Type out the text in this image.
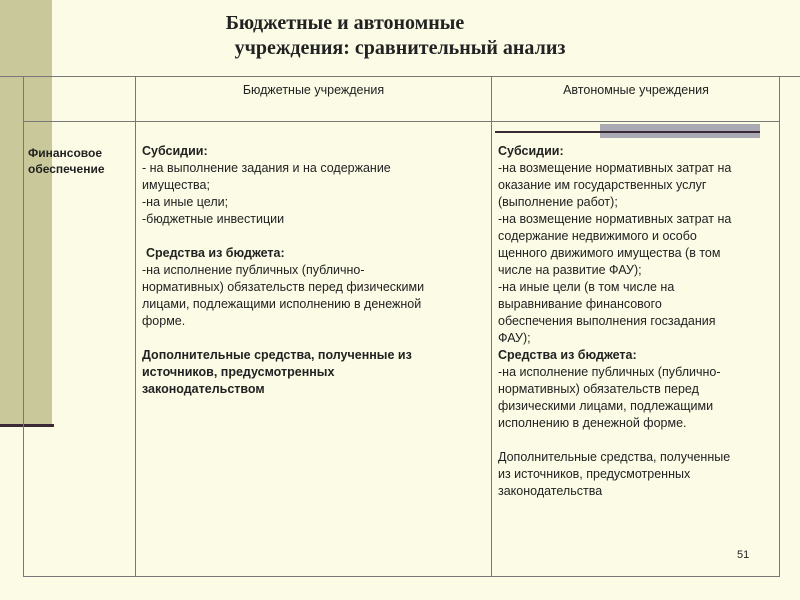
Бюджетные и автономные
учреждения: сравнительный анализ
Бюджетные учреждения	Автономные учреждения
Финансовое
обеспечение
Субсидии:
- на выполнение задания и на содержание
имущества;
-на иные цели;
-бюджетные инвестиции
Средства из бюджета:
-на исполнение публичных (публично-
нормативных) обязательств перед физическими
лицами, подлежащими исполнению в денежной
форме.
Дополнительные средства, полученные из
источников, предусмотренных
законодательством
Субсидии:
-на возмещение нормативных затрат на
оказание им государственных услуг
(выполнение работ);
-на возмещение нормативных затрат на
содержание недвижимого и особо
щенного движимого имущества (в том
числе на развитие ФАУ);
-на иные цели (в том числе на
выравнивание финансового
обеспечения выполнения госзадания
ФАУ);
Средства из бюджета:
-на исполнение публичных (публично-
нормативных) обязательств перед
физическими лицами, подлежащими
исполнению в денежной форме.
Дополнительные средства, полученные
из источников, предусмотренных
законодательства
51
